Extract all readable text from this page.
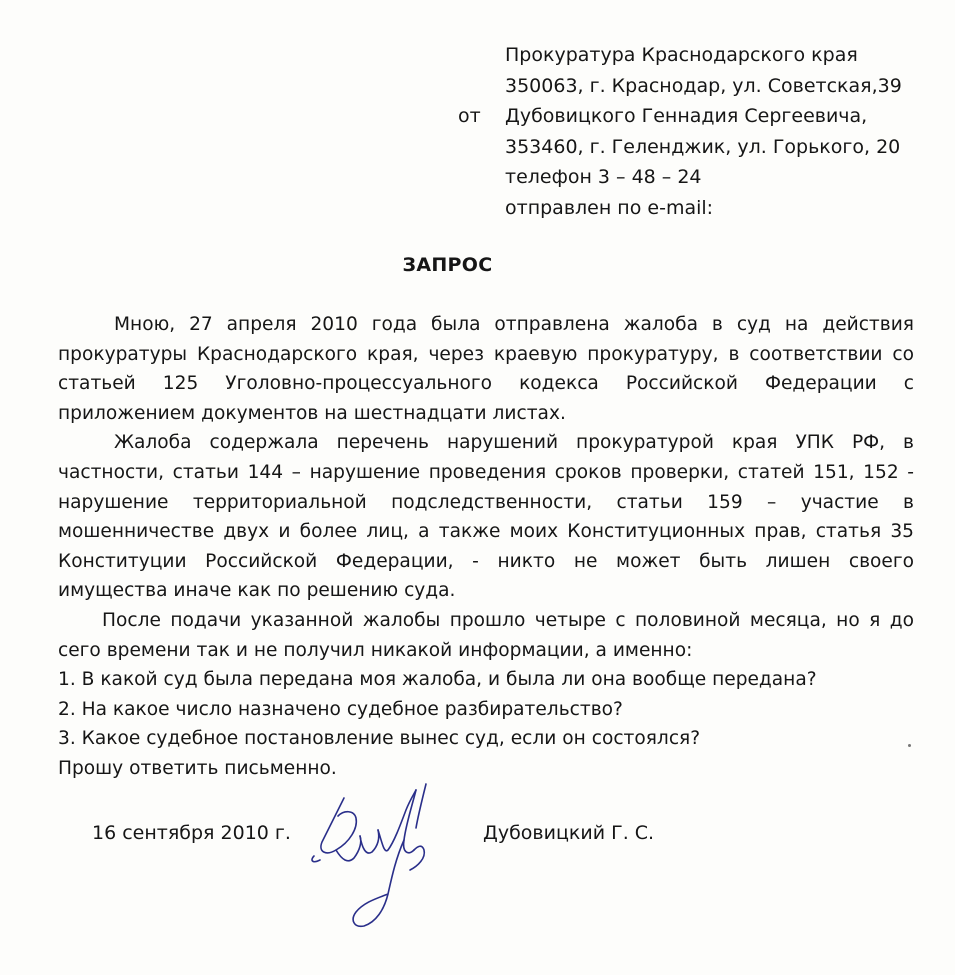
от
Прокуратура Краснодарского края
350063, г. Краснодар, ул. Советская,39
Дубовицкого Геннадия Сергеевича,
353460, г. Геленджик, ул. Горького, 20
телефон 3 – 48 – 24
отправлен по e-mail:
ЗАПРОС

Мною, 27 апреля 2010 года была отправлена жалоба в суд на действия прокуратуры Краснодарского края, через краевую прокуратуру, в соответствии со статьей 125 Уголовно-процессуального кодекса Российской Федерации с приложением документов на шестнадцати листах.

Жалоба содержала перечень нарушений прокуратурой края УПК РФ, в частности, статьи 144 – нарушение проведения сроков проверки, статей 151, 152 - нарушение территориальной подследственности, статьи 159 – участие в мошенничестве двух и более лиц, а также моих Конституционных прав, статья 35 Конституции Российской Федерации, - никто не может быть лишен своего имущества иначе как по решению суда.

После подачи указанной жалобы прошло четыре с половиной месяца, но я до сего времени так и не получил никакой информации, а именно:

1. В какой суд была передана моя жалоба, и была ли она вообще передана?

2. На какое число назначено судебное разбирательство?

3. Какое судебное постановление вынес суд, если он состоялся?

Прошу ответить письменно.

16 сентября 2010 г.	Дубовицкий Г. С.
